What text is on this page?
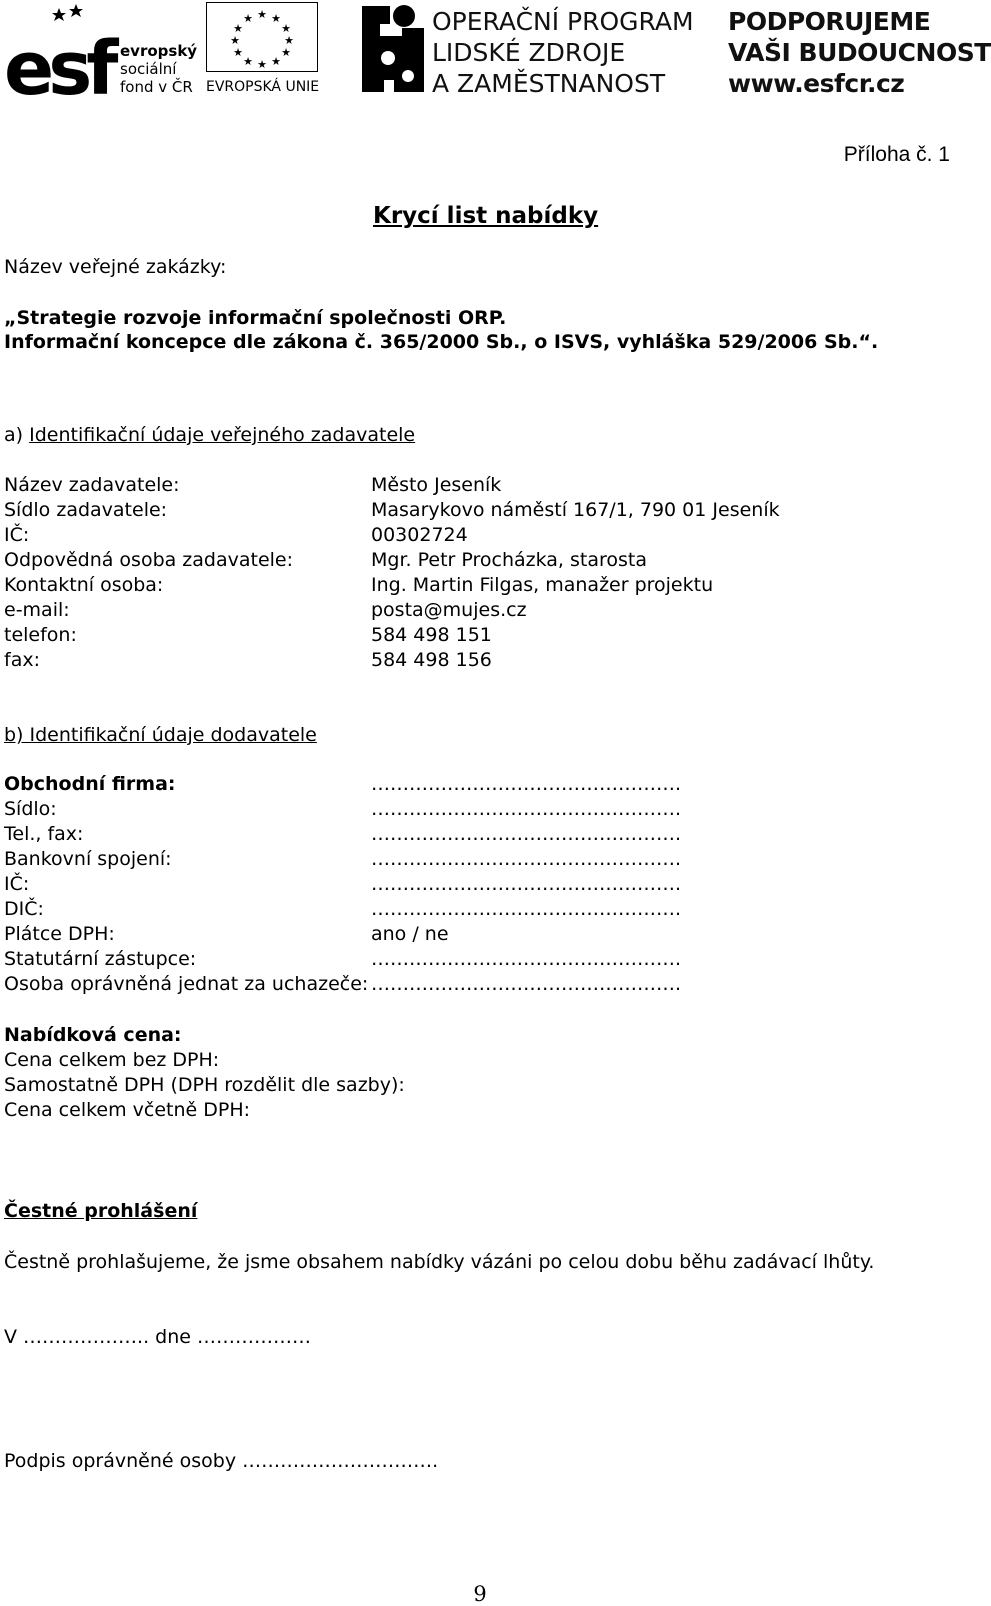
esf evropský
sociální
fond v ČR
★ ★
★
★
★
★
★
★
★
★
★
★
EVROPSKÁ UNIE
OPERAČNÍ PROGRAM
LIDSKÉ ZDROJE
A ZAMĚSTNANOST
PODPORUJEME
VAŠI BUDOUCNOST
www.esfcr.cz
Příloha č. 1
Krycí list nabídky
Název veřejné zakázky:
„Strategie rozvoje informační společnosti ORP.
Informační koncepce dle zákona č. 365/2000 Sb., o ISVS, vyhláška 529/2006 Sb.“.
a) Identifikační údaje veřejného zadavatele
Název zadavatele:	Město Jeseník
Sídlo zadavatele:	Masarykovo náměstí 167/1, 790 01 Jeseník
IČ:	00302724
Odpovědná osoba zadavatele:	Mgr. Petr Procházka, starosta
Kontaktní osoba:	Ing. Martin Filgas, manažer projektu
e-mail:	posta@mujes.cz
telefon:	584 498 151
fax:	584 498 156
b) Identifikační údaje dodavatele
Obchodní firma:	………………………………………….
Sídlo:	………………………………………….
Tel., fax:	………………………………………….
Bankovní spojení:	………………………………………….
IČ:	………………………………………….
DIČ:	………………………………………….
Plátce DPH:	ano / ne
Statutární zástupce:	………………………………………….
Osoba oprávněná jednat za uchazeče: ………………………………………….
Nabídková cena:
Cena celkem bez DPH:
Samostatně DPH (DPH rozdělit dle sazby):
Cena celkem včetně DPH:
Čestné prohlášení
Čestně prohlašujeme, že jsme obsahem nabídky vázáni po celou dobu běhu zadávací lhůty.
V ……………….. dne ………………
Podpis oprávněné osoby ………………………….
9
